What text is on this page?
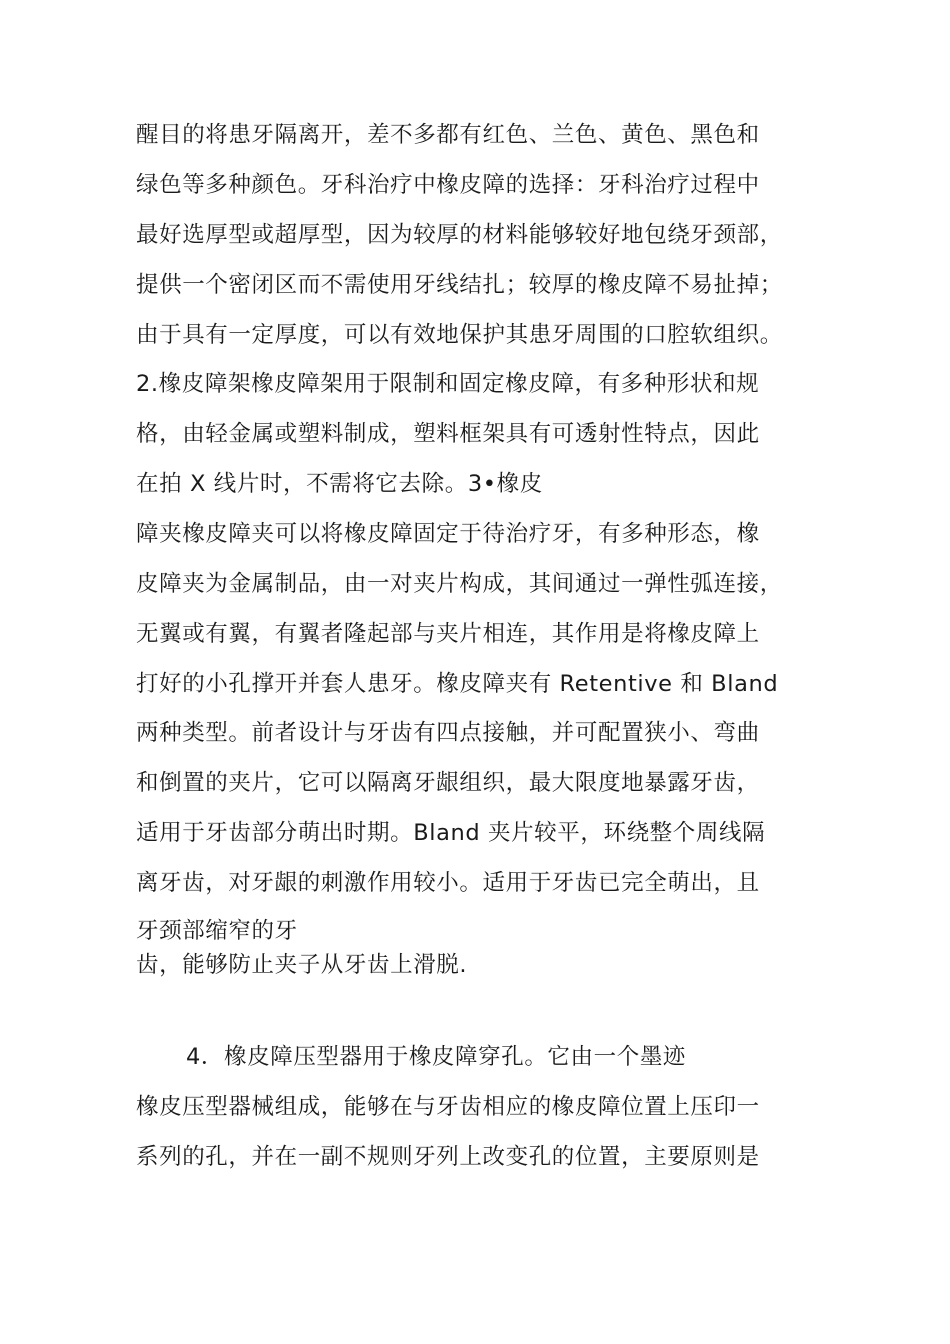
醒目的将患牙隔离开，差不多都有红色、兰色、黄色、黑色和
绿色等多种颜色。牙科治疗中橡皮障的选择：牙科治疗过程中
最好选厚型或超厚型，因为较厚的材料能够较好地包绕牙颈部，
提供一个密闭区而不需使用牙线结扎；较厚的橡皮障不易扯掉；
由于具有一定厚度，可以有效地保护其患牙周围的口腔软组织。
2.橡皮障架橡皮障架用于限制和固定橡皮障，有多种形状和规
格，由轻金属或塑料制成，塑料框架具有可透射性特点，因此
在拍 X 线片时，不需将它去除。3•橡皮
障夹橡皮障夹可以将橡皮障固定于待治疗牙，有多种形态，橡
皮障夹为金属制品，由一对夹片构成，其间通过一弹性弧连接，
无翼或有翼，有翼者隆起部与夹片相连，其作用是将橡皮障上
打好的小孔撑开并套人患牙。橡皮障夹有 Retentive 和 Bland
两种类型。前者设计与牙齿有四点接触，并可配置狭小、弯曲
和倒置的夹片，它可以隔离牙龈组织，最大限度地暴露牙齿，
适用于牙齿部分萌出时期。Bland 夹片较平，环绕整个周线隔
离牙齿，对牙龈的刺激作用较小。适用于牙齿已完全萌出，且
牙颈部缩窄的牙
齿，能够防止夹子从牙齿上滑脱.
4．橡皮障压型器用于橡皮障穿孔。它由一个墨迹
橡皮压型器械组成，能够在与牙齿相应的橡皮障位置上压印一
系列的孔，并在一副不规则牙列上改变孔的位置，主要原则是
